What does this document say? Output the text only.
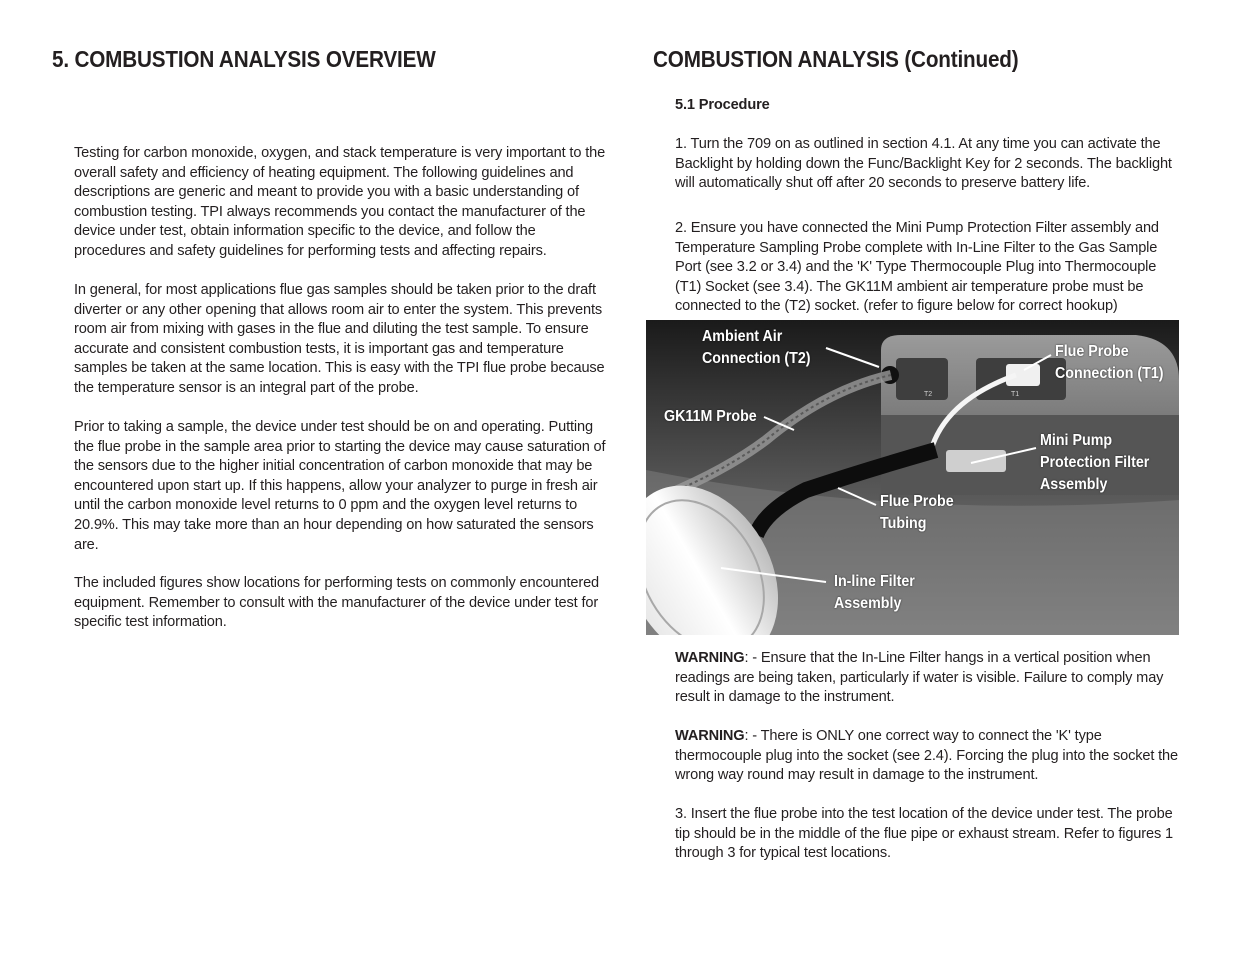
5. COMBUSTION ANALYSIS OVERVIEW

Testing for carbon monoxide, oxygen, and stack temperature is very important to the overall safety and efficiency of heating equipment. The following guidelines and descriptions are generic and meant to provide you with a basic understanding of combustion testing. TPI always recommends you contact the manufacturer of the device under test, obtain information specific to the device, and follow the procedures and safety guidelines for performing tests and affecting repairs.

In general, for most applications flue gas samples should be taken prior to the draft diverter or any other opening that allows room air to enter the system. This prevents room air from mixing with gases in the flue and diluting the test sample. To ensure accurate and consistent combustion tests, it is important gas and temperature samples be taken at the same location. This is easy with the TPI flue probe because the temperature sensor is an integral part of the probe.

Prior to taking a sample, the device under test should be on and operating. Putting the flue probe in the sample area prior to starting the device may cause saturation of the sensors due to the higher initial concentration of carbon monoxide that may be encountered upon start up. If this happens, allow your analyzer to purge in fresh air until the carbon monoxide level returns to 0 ppm and the oxygen level returns to 20.9%. This may take more than an hour depending on how saturated the sensors are.

The included figures show locations for performing tests on commonly encountered equipment. Remember to consult with the manufacturer of the device under test for specific test information.

COMBUSTION ANALYSIS (Continued)

5.1 Procedure

1. Turn the 709 on as outlined in section 4.1. At any time you can activate the Backlight by holding down the Func/Backlight Key for 2 seconds. The backlight will automatically shut off after 20 seconds to preserve battery life.

2. Ensure you have connected the Mini Pump Protection Filter assembly and Temperature Sampling Probe complete with In-Line Filter to the Gas Sample Port (see 3.2 or 3.4) and the 'K' Type Thermocouple Plug into Thermocouple (T1) Socket (see 3.4). The GK11M ambient air temperature probe must be connected to the (T2) socket. (refer to figure below for correct hookup)

T2	T1
Ambient Air
Connection (T2)	Flue Probe
Connection (T1)
GK11M Probe
Mini Pump
Protection Filter
Assembly
Flue Probe
Tubing
In-line Filter
Assembly

WARNING: - Ensure that the In-Line Filter hangs in a vertical position when readings are being taken, particularly if water is visible. Failure to comply may result in damage to the instrument.

WARNING: - There is ONLY one correct way to connect the 'K' type thermocouple plug into the socket (see 2.4). Forcing the plug into the socket the wrong way round may result in damage to the instrument.

3. Insert the flue probe into the test location of the device under test. The probe tip should be in the middle of the flue pipe or exhaust stream. Refer to figures 1 through 3 for typical test locations.
